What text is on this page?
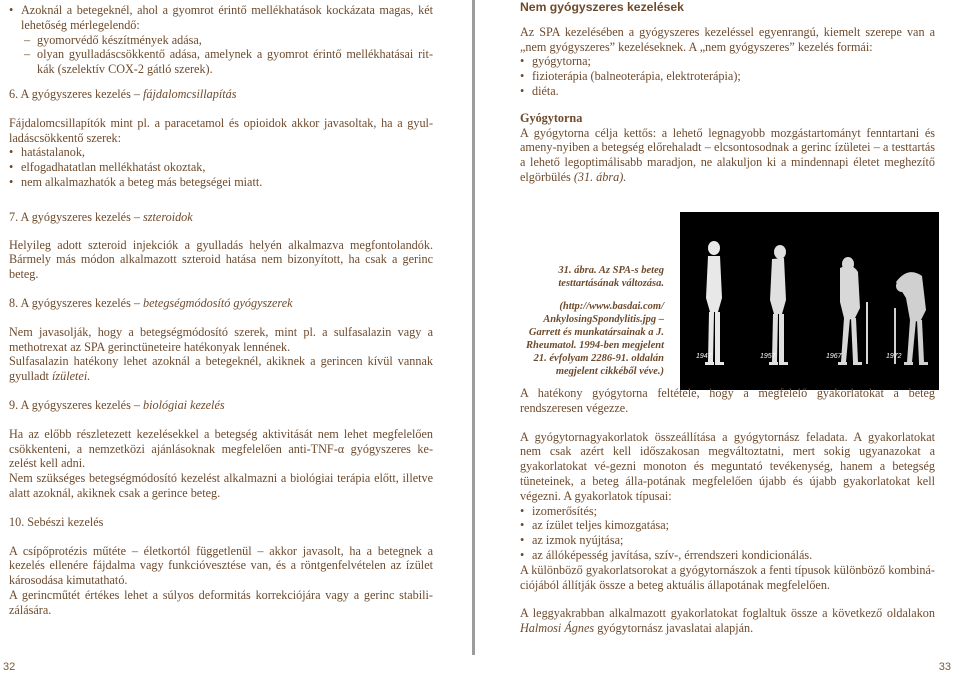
• Azoknál a betegeknél, ahol a gyomrot érintő mellékhatások kockázata magas, két lehetőség mérlegelendő:
– gyomorvédő készítmények adása,
– olyan gyulladáscsökkentő adása, amelynek a gyomrot érintő mellékhatásai rit-kák (szelektív COX-2 gátló szerek).

6. A gyógyszeres kezelés – fájdalomcsillapítás

Fájdalomcsillapítók mint pl. a paracetamol és opioidok akkor javasoltak, ha a gyul-ladáscsökkentő szerek:

• hatástalanok,
• elfogadhatatlan mellékhatást okoztak,
• nem alkalmazhatók a beteg más betegségei miatt.

7. A gyógyszeres kezelés – szteroidok

Helyileg adott szteroid injekciók a gyulladás helyén alkalmazva megfontolandók. Bármely más módon alkalmazott szteroid hatása nem bizonyított, ha csak a gerinc beteg.

8. A gyógyszeres kezelés – betegségmódosító gyógyszerek

Nem javasolják, hogy a betegségmódosító szerek, mint pl. a sulfasalazin vagy a methotrexat az SPA gerinctüneteire hatékonyak lennének.

Sulfasalazin hatékony lehet azoknál a betegeknél, akiknek a gerincen kívül vannak gyulladt ízületei.

9. A gyógyszeres kezelés – biológiai kezelés

Ha az előbb részletezett kezelésekkel a betegség aktivitását nem lehet megfelelően csökkenteni, a nemzetközi ajánlásoknak megfelelően anti-TNF-α gyógyszeres ke-zelést kell adni.

Nem szükséges betegségmódosító kezelést alkalmazni a biológiai terápia előtt, illetve alatt azoknál, akiknek csak a gerince beteg.

10. Sebészi kezelés

A csípőprotézis műtéte – életkortól függetlenül – akkor javasolt, ha a betegnek a kezelés ellenére fájdalma vagy funkcióvesztése van, és a röntgenfelvételen az ízület károsodása kimutatható.

A gerincműtét értékes lehet a súlyos deformitás korrekciójára vagy a gerinc stabili-zálására.

32

Nem gyógyszeres kezelések

Az SPA kezelésében a gyógyszeres kezeléssel egyenrangú, kiemelt szerepe van a „nem gyógyszeres” kezeléseknek. A „nem gyógyszeres” kezelés formái:

• gyógytorna;
• fizioterápia (balneoterápia, elektroterápia);
• diéta.

Gyógytorna

A gyógytorna célja kettős: a lehető legnagyobb mozgástartományt fenntartani és ameny-nyiben a betegség előrehaladt – elcsontosodnak a gerinc ízületei – a testtartás a lehető legoptimálisabb maradjon, ne alakuljon ki a mindennapi életet meghezítő elgörbülés (31. ábra).

31. ábra. Az SPA-s beteg testtartásának változása.

(http://www.basdai.com/ AnkylosingSpondylitis.jpg – Garrett és munkatársainak a J. Rheumatol. 1994-ben megjelent 21. évfolyam 2286-91. oldalán megjelent cikkéből véve.)

1947	1957	1967	1972

A hatékony gyógytorna feltétele, hogy a megfelelő gyakorlatokat a beteg rendszeresen végezze.

A gyógytornagyakorlatok összeállítása a gyógytornász feladata. A gyakorlatokat nem csak azért kell időszakosan megváltoztatni, mert sokig ugyanazokat a gyakorlatokat vé-gezni monoton és meguntató tevékenység, hanem a betegség tüneteinek, a beteg álla-potának megfelelően újabb és újabb gyakorlatokat kell végezni. A gyakorlatok típusai:

• izomerősítés;
• az ízület teljes kimozgatása;
• az izmok nyújtása;
• az állóképesség javítása, szív-, érrendszeri kondicionálás.

A különböző gyakorlatsorokat a gyógytornászok a fenti típusok különböző kombiná-ciójából állítják össze a beteg aktuális állapotának megfelelően.

A leggyakrabban alkalmazott gyakorlatokat foglaltuk össze a következő oldalakon Halmosi Ágnes gyógytornász javaslatai alapján.

33
